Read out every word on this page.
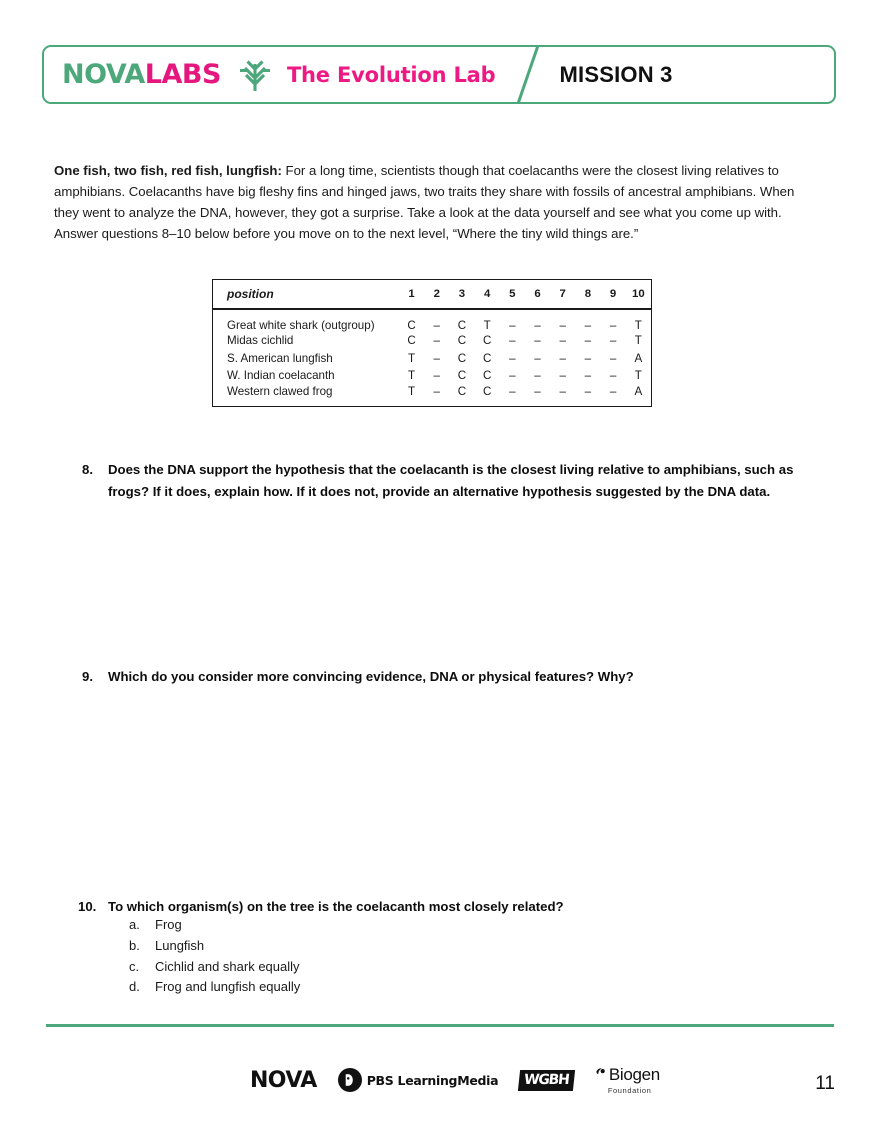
NOVA LABS	The Evolution Lab	MISSION 3

One fish, two fish, red fish, lungfish: For a long time, scientists though that coelacanths were the closest living relatives to amphibians. Coelacanths have big fleshy fins and hinged jaws, two traits they share with fossils of ancestral amphibians. When they went to analyze the DNA, however, they got a surprise. Take a look at the data yourself and see what you come up with. Answer questions 8–10 below before you move on to the next level, “Where the tiny wild things are.”

position	1	2	3	4	5	6	7	8	9	10
Great white shark (outgroup)	C	–	C	T	–	–	–	–	–	T
Midas cichlid	C	–	C	C	–	–	–	–	–	T
S. American lungfish	T	–	C	C	–	–	–	–	–	A
W. Indian coelacanth	T	–	C	C	–	–	–	–	–	T
Western clawed frog	T	–	C	C	–	–	–	–	–	A
8.	Does the DNA support the hypothesis that the coelacanth is the closest living relative to amphibians, such as frogs? If it does, explain how. If it does not, provide an alternative hypothesis suggested by the DNA data.
9.	Which do you consider more convincing evidence, DNA or physical features? Why?
10. To which organism(s) on the tree is the coelacanth most closely related?
a.	Frog
b.	Lungfish
c.	Cichlid and shark equally
d.	Frog and lungfish equally
NOVA	PBS LearningMedia	WGBH	Biogen
Foundation	11
